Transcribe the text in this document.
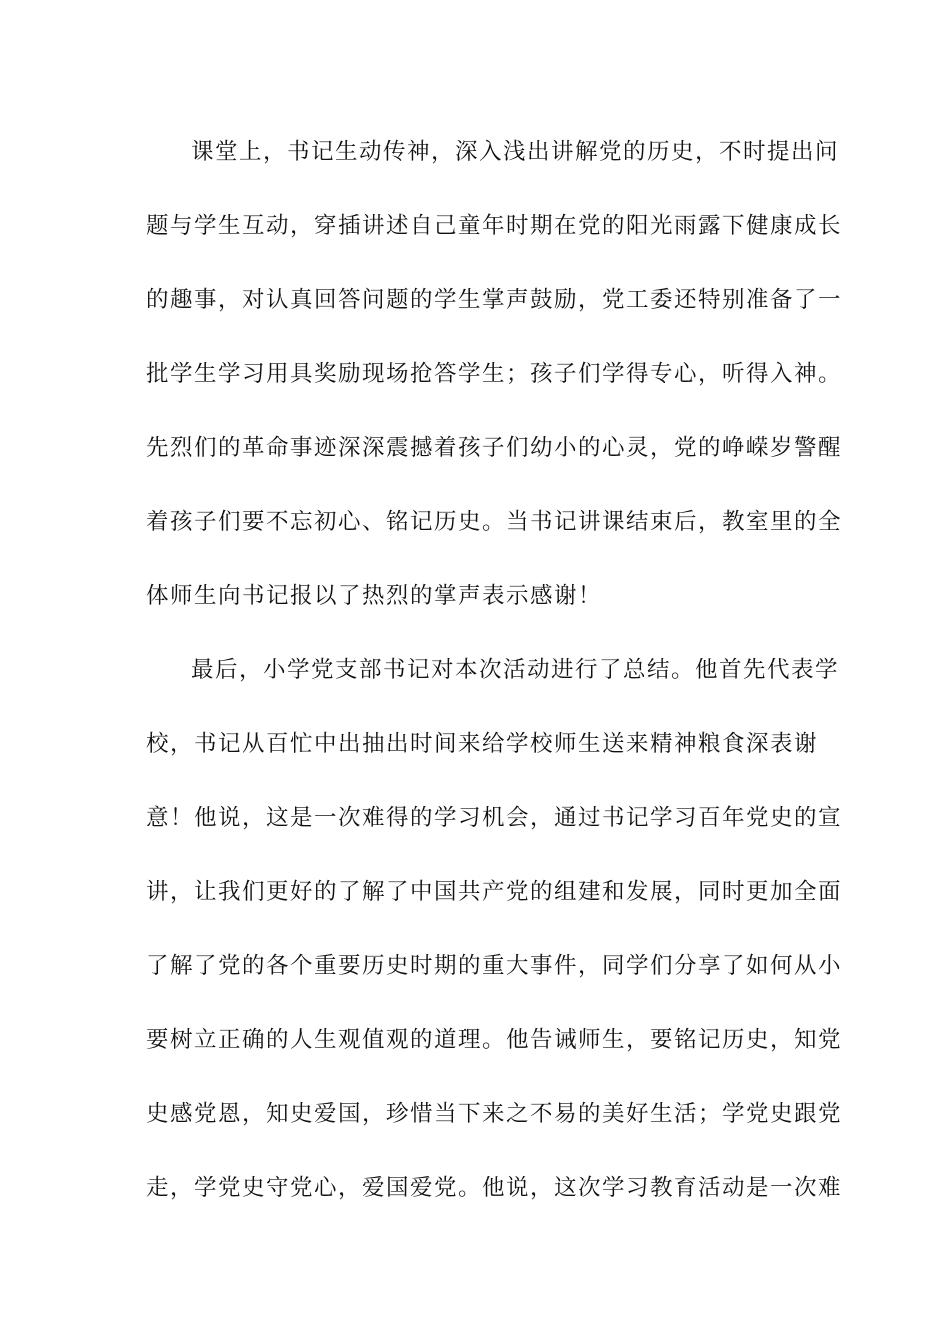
课堂上，书记生动传神，深入浅出讲解党的历史，不时提出问
题与学生互动，穿插讲述自己童年时期在党的阳光雨露下健康成长
的趣事，对认真回答问题的学生掌声鼓励，党工委还特别准备了一
批学生学习用具奖励现场抢答学生；孩子们学得专心，听得入神。
先烈们的革命事迹深深震撼着孩子们幼小的心灵，党的峥嵘岁警醒
着孩子们要不忘初心、铭记历史。当书记讲课结束后，教室里的全
体师生向书记报以了热烈的掌声表示感谢！
最后，小学党支部书记对本次活动进行了总结。他首先代表学
校，书记从百忙中出抽出时间来给学校师生送来精神粮食深表谢
意！他说，这是一次难得的学习机会，通过书记学习百年党史的宣
讲，让我们更好的了解了中国共产党的组建和发展，同时更加全面
了解了党的各个重要历史时期的重大事件，同学们分享了如何从小
要树立正确的人生观值观的道理。他告诫师生，要铭记历史，知党
史感党恩，知史爱国，珍惜当下来之不易的美好生活；学党史跟党
走，学党史守党心，爱国爱党。他说，这次学习教育活动是一次难
